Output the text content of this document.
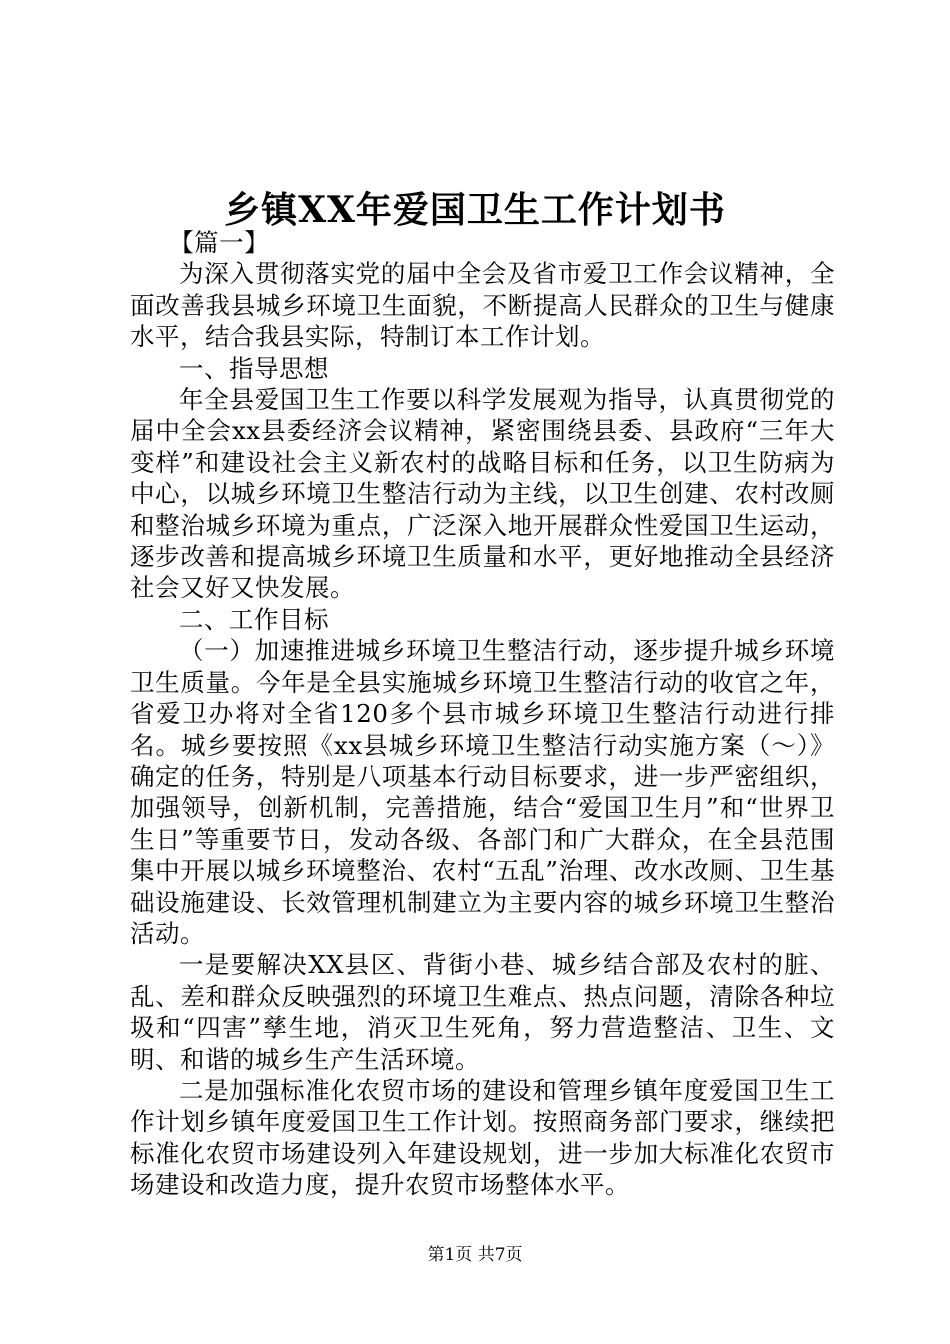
乡镇XX年爱国卫生工作计划书

【篇一】

为深入贯彻落实党的届中全会及省市爱卫工作会议精神，全面改善我县城乡环境卫生面貌，不断提高人民群众的卫生与健康水平，结合我县实际，特制订本工作计划。

一、指导思想

年全县爱国卫生工作要以科学发展观为指导，认真贯彻党的届中全会xx县委经济会议精神，紧密围绕县委、县政府“三年大变样”和建设社会主义新农村的战略目标和任务，以卫生防病为中心，以城乡环境卫生整洁行动为主线，以卫生创建、农村改厕和整治城乡环境为重点，广泛深入地开展群众性爱国卫生运动，逐步改善和提高城乡环境卫生质量和水平，更好地推动全县经济社会又好又快发展。

二、工作目标

（一）加速推进城乡环境卫生整洁行动，逐步提升城乡环境卫生质量。今年是全县实施城乡环境卫生整洁行动的收官之年，省爱卫办将对全省120多个县市城乡环境卫生整洁行动进行排名。城乡要按照《xx县城乡环境卫生整洁行动实施方案（～）》确定的任务，特别是八项基本行动目标要求，进一步严密组织，加强领导，创新机制，完善措施，结合“爱国卫生月”和“世界卫生日”等重要节日，发动各级、各部门和广大群众，在全县范围集中开展以城乡环境整治、农村“五乱”治理、改水改厕、卫生基础设施建设、长效管理机制建立为主要内容的城乡环境卫生整治活动。

一是要解决XX县区、背街小巷、城乡结合部及农村的脏、乱、差和群众反映强烈的环境卫生难点、热点问题，清除各种垃圾和“四害”孳生地，消灭卫生死角，努力营造整洁、卫生、文明、和谐的城乡生产生活环境。

二是加强标准化农贸市场的建设和管理乡镇年度爱国卫生工作计划乡镇年度爱国卫生工作计划。按照商务部门要求，继续把标准化农贸市场建设列入年建设规划，进一步加大标准化农贸市场建设和改造力度，提升农贸市场整体水平。

第1页 共7页
